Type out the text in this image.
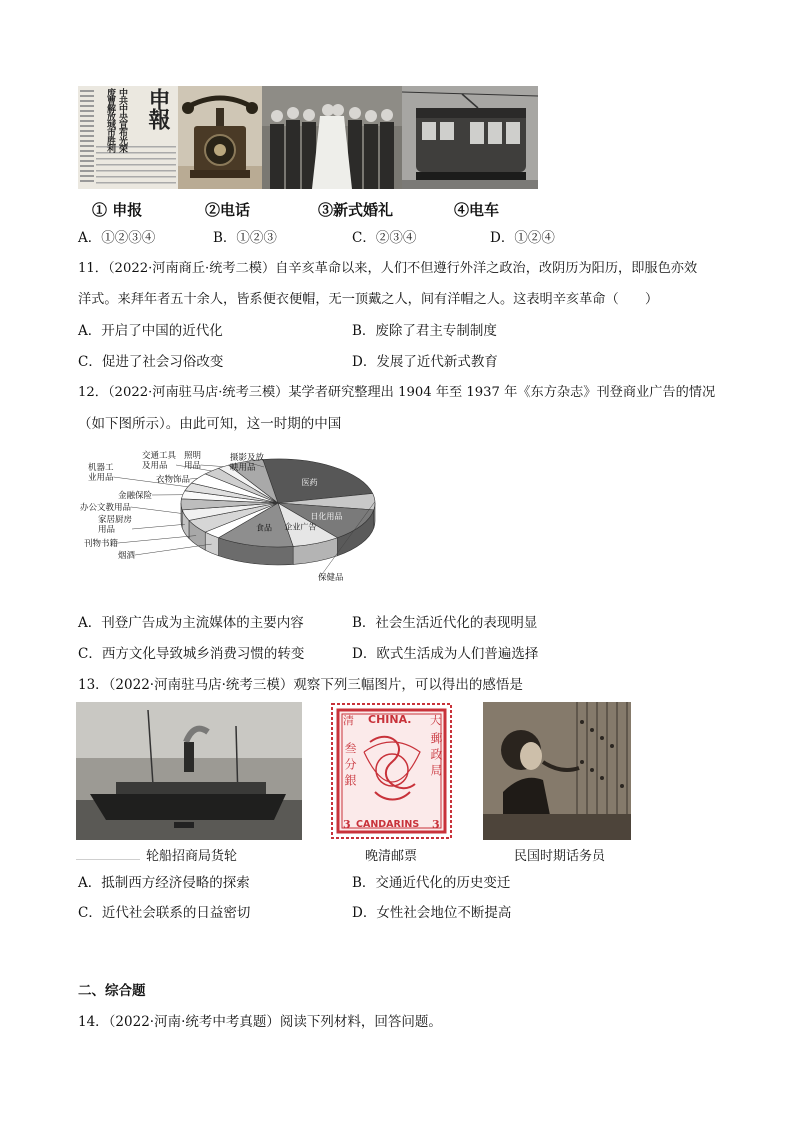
申報
中共中央宣布光荣
废曹解放城市胜利
① 申报	②电话	③新式婚礼	④电车
A．①②③④	B．①②③	C．②③④	D．①②④
11．（2022·河南商丘·统考二模）自辛亥革命以来，人们不但遵行外洋之政治，改阴历为阳历，即服色亦效
洋式。来拜年者五十余人，皆系便衣便帽，无一顶戴之人，间有洋帽之人。这表明辛亥革命（　　）
A．开启了中国的近代化	B．废除了君主专制制度
C．促进了社会习俗改变	D．发展了近代新式教育
12．（2022·河南驻马店·统考三模）某学者研究整理出 1904 年至 1937 年《东方杂志》刊登商业广告的情况
（如下图所示）。由此可知，这一时期的中国
医药
日化用品
企业广告
食品
保健品
烟酒
刊物书籍
家居厨房用品
办公文教用品
金融保险
机器工业用品	衣物饰品
交通工具及用品
照明用品
摄影及放映用品
A．刊登广告成为主流媒体的主要内容	B．社会生活近代化的表现明显
C．西方文化导致城乡消费习惯的转变	D．欧式生活成为人们普遍选择
13．（2022·河南驻马店·统考三模）观察下列三幅图片，可以得出的感悟是
CHINA.
清	大
叁分銀	郵政局
3 CANDARINS 3
轮船招商局货轮	晚清邮票	民国时期话务员
A．抵制西方经济侵略的探索	B．交通近代化的历史变迁
C．近代社会联系的日益密切	D．女性社会地位不断提高
二、综合题
14．（2022·河南·统考中考真题）阅读下列材料，回答问题。
